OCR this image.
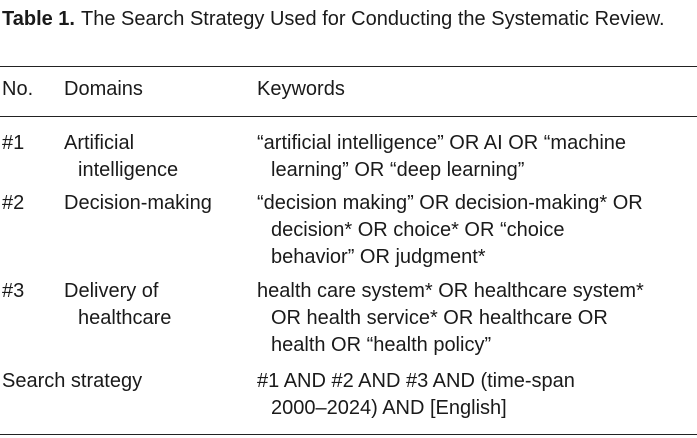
Table 1. The Search Strategy Used for Conducting the Systematic Review.
No. Domains	Keywords
#1 Artificial
intelligence
“artificial intelligence” OR AI OR “machine
learning” OR “deep learning”
#2 Decision-making “decision making” OR decision-making* OR
decision* OR choice* OR “choice
behavior” OR judgment*
#3 Delivery of
healthcare
health care system* OR healthcare system*
OR health service* OR healthcare OR
health OR “health policy”
Search strategy	#1 AND #2 AND #3 AND (time-span
2000–2024) AND [English]
